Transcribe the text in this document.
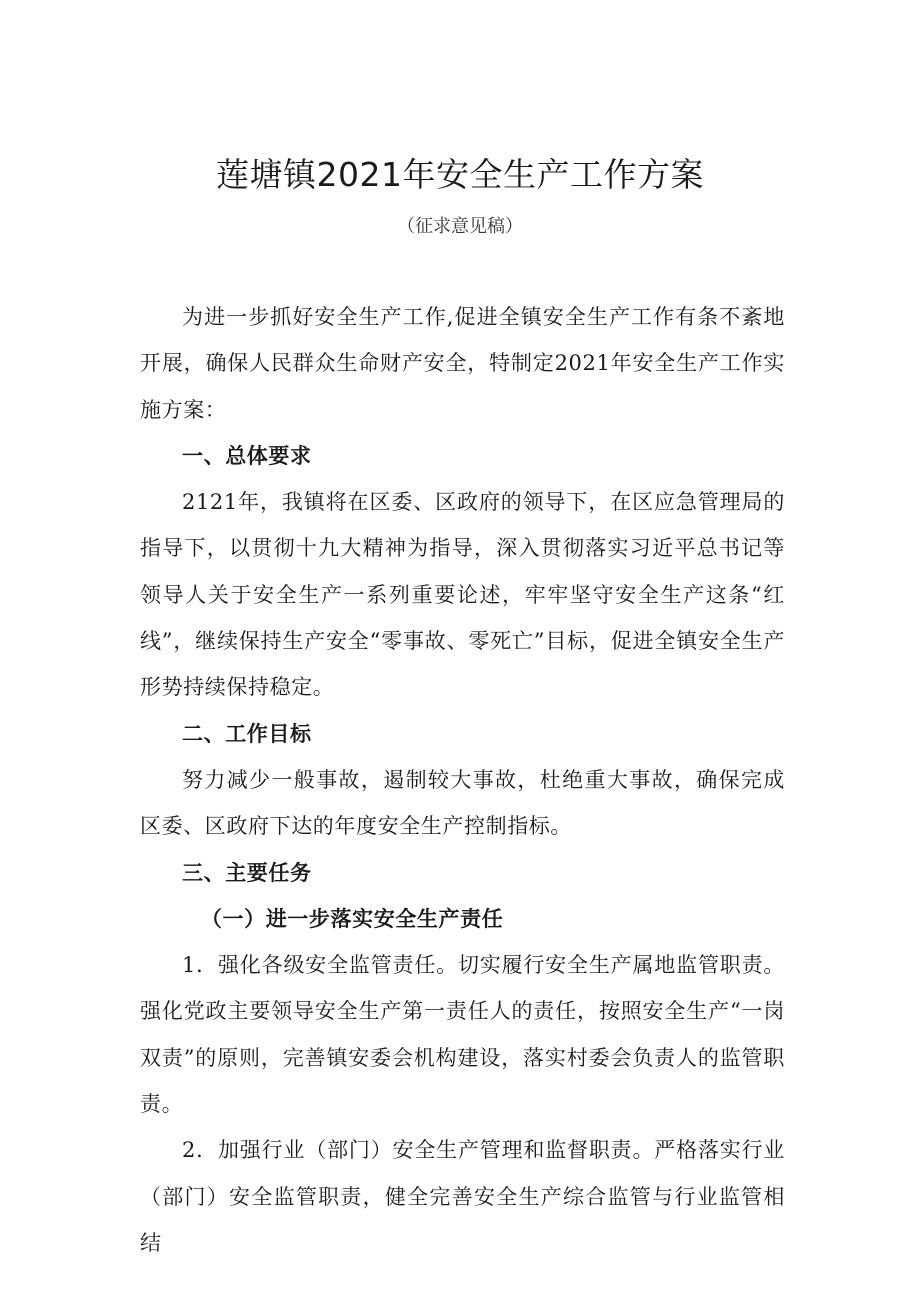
莲塘镇2021年安全生产工作方案
（征求意见稿）

为进一步抓好安全生产工作,促进全镇安全生产工作有条不紊地开展，确保人民群众生命财产安全，特制定2021年安全生产工作实施方案：

一、总体要求

2121年，我镇将在区委、区政府的领导下，在区应急管理局的指导下，以贯彻十九大精神为指导，深入贯彻落实习近平总书记等领导人关于安全生产一系列重要论述，牢牢坚守安全生产这条“红线”，继续保持生产安全“零事故、零死亡”目标，促进全镇安全生产形势持续保持稳定。

二、工作目标

努力减少一般事故，遏制较大事故，杜绝重大事故，确保完成区委、区政府下达的年度安全生产控制指标。

三、主要任务

（一）进一步落实安全生产责任

1．强化各级安全监管责任。切实履行安全生产属地监管职责。强化党政主要领导安全生产第一责任人的责任，按照安全生产“一岗双责”的原则，完善镇安委会机构建设，落实村委会负责人的监管职责。

2．加强行业（部门）安全生产管理和监督职责。严格落实行业（部门）安全监管职责，健全完善安全生产综合监管与行业监管相结
